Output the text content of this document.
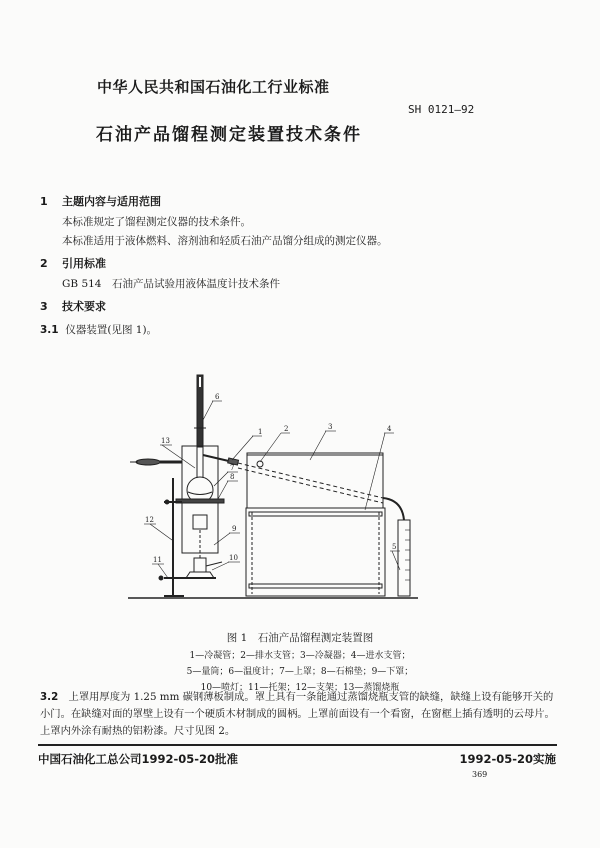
中华人民共和国石油化工行业标准
SH 0121—92
石油产品馏程测定装置技术条件
1 主题内容与适用范围
本标准规定了馏程测定仪器的技术条件。
本标准适用于液体燃料、溶剂油和轻质石油产品馏分组成的测定仪器。
2 引用标准
GB 514　石油产品试验用液体温度计技术条件
3 技术要求
3.1 仪器装置(见图 1)。
1	2	3	4
5
6
7
8
9
10
11
12
13
图 1　石油产品馏程测定装置图
1—冷凝管；2—排水支管；3—冷凝器；4—进水支管；
5—量筒；6—温度计；7—上罩；8—石棉垫；9—下罩；
10—喷灯；11—托架；12—支架；13—蒸馏烧瓶
3.2　 上罩用厚度为 1.25 mm 碳钢薄板制成。罩上具有一条能通过蒸馏烧瓶支管的缺缝，缺缝上设有能够开关的小门。在缺缝对面的罩壁上设有一个硬质木材制成的圆柄。上罩前面设有一个看窗，在窗框上插有透明的云母片。上罩内外涂有耐热的铝粉漆。尺寸见图 2。
中国石油化工总公司1992-05-20批准	1992-05-20实施
369
